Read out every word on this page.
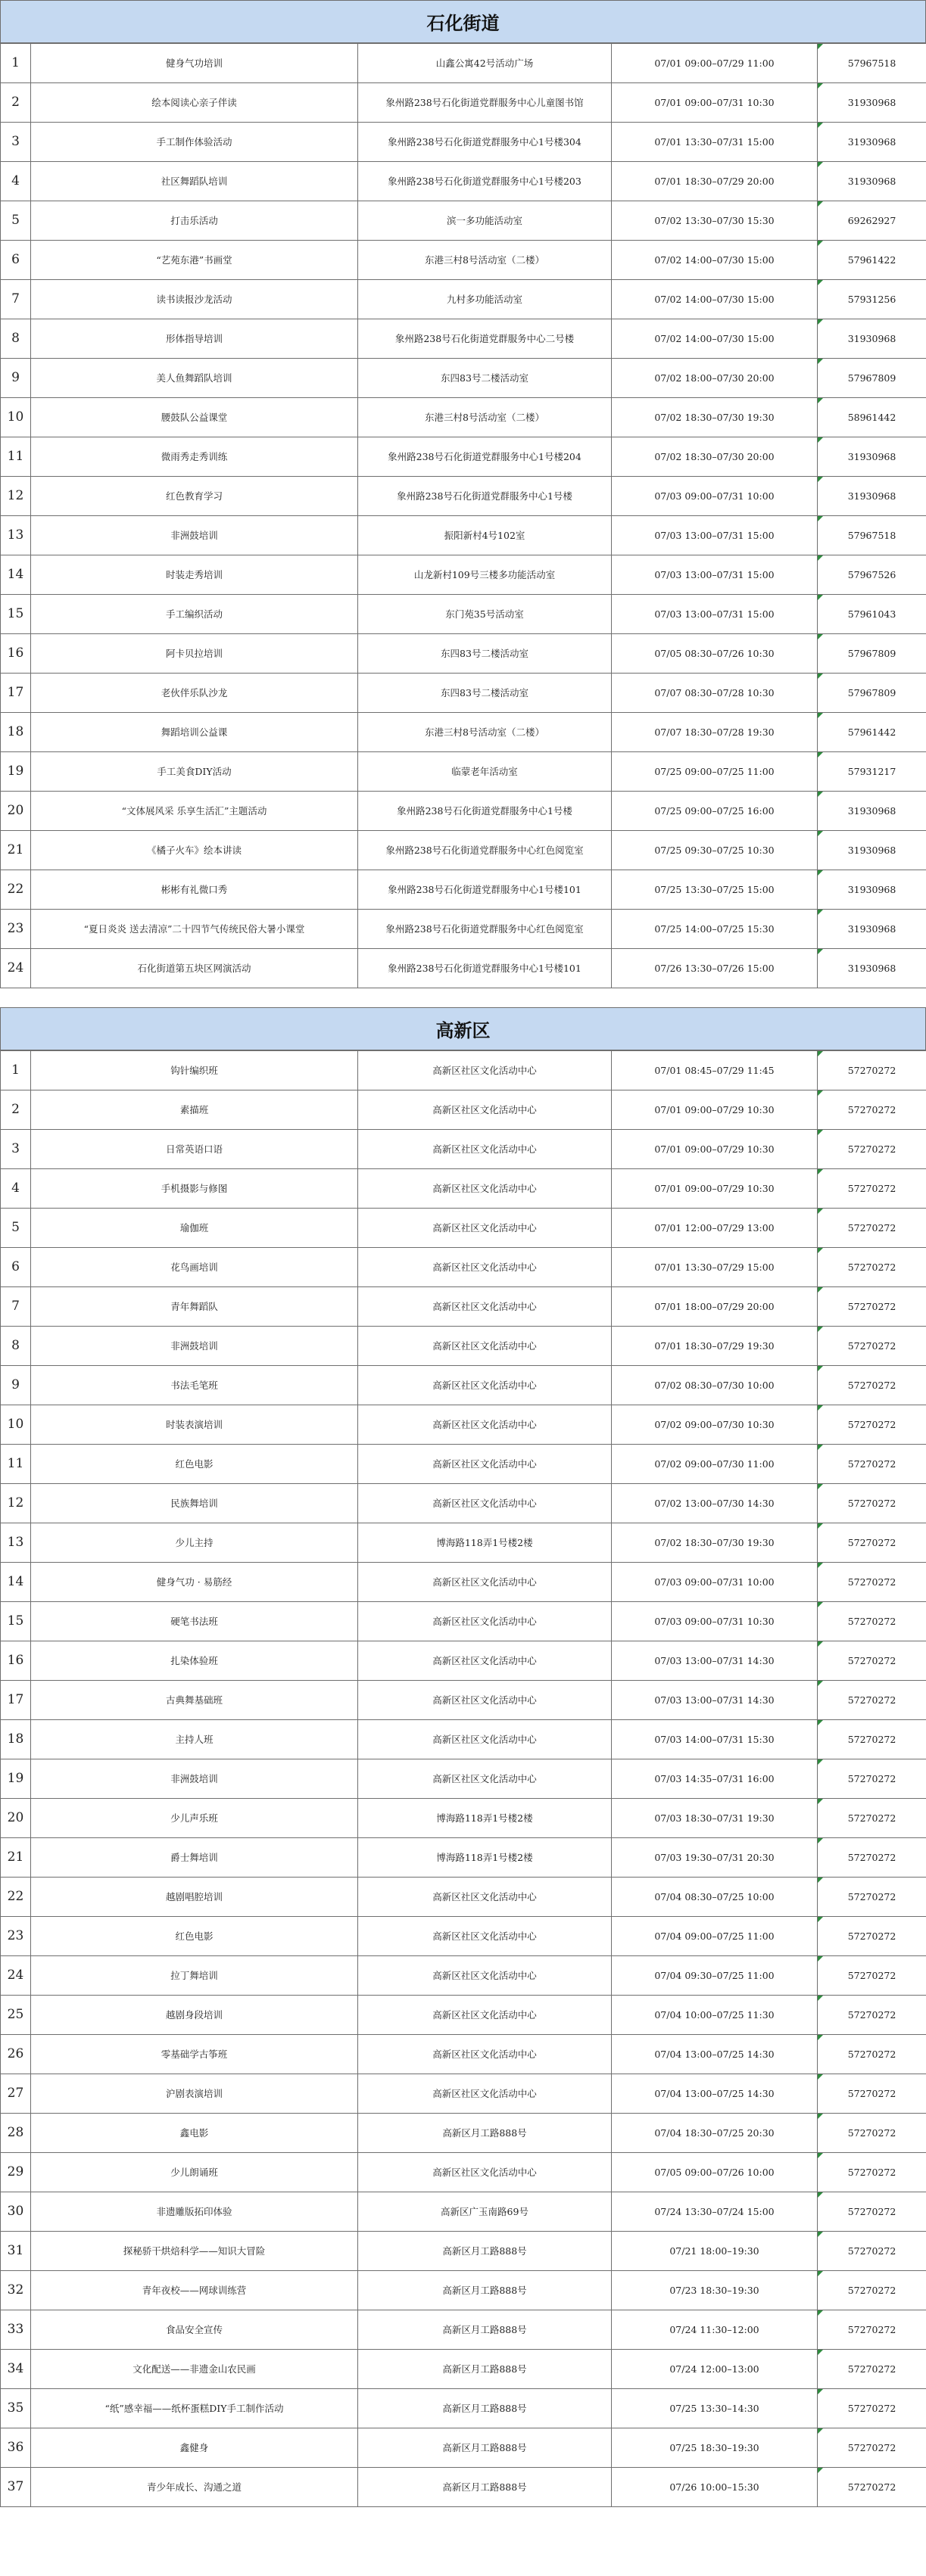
石化街道
1	健身气功培训	山鑫公寓42号活动广场	07/01 09:00–07/29 11:00	57967518
2	绘本阅读心亲子伴读	象州路238号石化街道党群服务中心儿童图书馆	07/01 09:00–07/31 10:30	31930968
3	手工制作体验活动	象州路238号石化街道党群服务中心1号楼304	07/01 13:30–07/31 15:00	31930968
4	社区舞蹈队培训	象州路238号石化街道党群服务中心1号楼203	07/01 18:30–07/29 20:00	31930968
5	打击乐活动	滨一多功能活动室	07/02 13:30–07/30 15:30	69262927
6	“艺苑东港”书画堂	东港三村8号活动室（二楼）	07/02 14:00–07/30 15:00	57961422
7	读书读报沙龙活动	九村多功能活动室	07/02 14:00–07/30 15:00	57931256
8	形体指导培训	象州路238号石化街道党群服务中心二号楼	07/02 14:00–07/30 15:00	31930968
9	美人鱼舞蹈队培训	东四83号二楼活动室	07/02 18:00–07/30 20:00	57967809
10	腰鼓队公益课堂	东港三村8号活动室（二楼）	07/02 18:30–07/30 19:30	58961442
11	微雨秀走秀训练	象州路238号石化街道党群服务中心1号楼204	07/02 18:30–07/30 20:00	31930968
12	红色教育学习	象州路238号石化街道党群服务中心1号楼	07/03 09:00–07/31 10:00	31930968
13	非洲鼓培训	振阳新村4号102室	07/03 13:00–07/31 15:00	57967518
14	时装走秀培训	山龙新村109号三楼多功能活动室	07/03 13:00–07/31 15:00	57967526
15	手工编织活动	东门苑35号活动室	07/03 13:00–07/31 15:00	57961043
16	阿卡贝拉培训	东四83号二楼活动室	07/05 08:30–07/26 10:30	57967809
17	老伙伴乐队沙龙	东四83号二楼活动室	07/07 08:30–07/28 10:30	57967809
18	舞蹈培训公益课	东港三村8号活动室（二楼）	07/07 18:30–07/28 19:30	57961442
19	手工美食DIY活动	临蒙老年活动室	07/25 09:00–07/25 11:00	57931217
20	“文体展风采 乐享生活汇”主题活动	象州路238号石化街道党群服务中心1号楼	07/25 09:00–07/25 16:00	31930968
21	《橘子火车》绘本讲读	象州路238号石化街道党群服务中心红色阅览室	07/25 09:30–07/25 10:30	31930968
22	彬彬有礼微口秀	象州路238号石化街道党群服务中心1号楼101	07/25 13:30–07/25 15:00	31930968
23	“夏日炎炎 送去清凉”二十四节气传统民俗大暑小课堂	象州路238号石化街道党群服务中心红色阅览室	07/25 14:00–07/25 15:30	31930968
24	石化街道第五块区网演活动	象州路238号石化街道党群服务中心1号楼101	07/26 13:30–07/26 15:00	31930968
高新区
1	钩针编织班	高新区社区文化活动中心	07/01 08:45–07/29 11:45	57270272
2	素描班	高新区社区文化活动中心	07/01 09:00–07/29 10:30	57270272
3	日常英语口语	高新区社区文化活动中心	07/01 09:00–07/29 10:30	57270272
4	手机摄影与修图	高新区社区文化活动中心	07/01 09:00–07/29 10:30	57270272
5	瑜伽班	高新区社区文化活动中心	07/01 12:00–07/29 13:00	57270272
6	花鸟画培训	高新区社区文化活动中心	07/01 13:30–07/29 15:00	57270272
7	青年舞蹈队	高新区社区文化活动中心	07/01 18:00–07/29 20:00	57270272
8	非洲鼓培训	高新区社区文化活动中心	07/01 18:30–07/29 19:30	57270272
9	书法毛笔班	高新区社区文化活动中心	07/02 08:30–07/30 10:00	57270272
10	时装表演培训	高新区社区文化活动中心	07/02 09:00–07/30 10:30	57270272
11	红色电影	高新区社区文化活动中心	07/02 09:00–07/30 11:00	57270272
12	民族舞培训	高新区社区文化活动中心	07/02 13:00–07/30 14:30	57270272
13	少儿主持	博海路118弄1号楼2楼	07/02 18:30–07/30 19:30	57270272
14	健身气功 · 易筋经	高新区社区文化活动中心	07/03 09:00–07/31 10:00	57270272
15	硬笔书法班	高新区社区文化活动中心	07/03 09:00–07/31 10:30	57270272
16	扎染体验班	高新区社区文化活动中心	07/03 13:00–07/31 14:30	57270272
17	古典舞基础班	高新区社区文化活动中心	07/03 13:00–07/31 14:30	57270272
18	主持人班	高新区社区文化活动中心	07/03 14:00–07/31 15:30	57270272
19	非洲鼓培训	高新区社区文化活动中心	07/03 14:35–07/31 16:00	57270272
20	少儿声乐班	博海路118弄1号楼2楼	07/03 18:30–07/31 19:30	57270272
21	爵士舞培训	博海路118弄1号楼2楼	07/03 19:30–07/31 20:30	57270272
22	越剧唱腔培训	高新区社区文化活动中心	07/04 08:30–07/25 10:00	57270272
23	红色电影	高新区社区文化活动中心	07/04 09:00–07/25 11:00	57270272
24	拉丁舞培训	高新区社区文化活动中心	07/04 09:30–07/25 11:00	57270272
25	越剧身段培训	高新区社区文化活动中心	07/04 10:00–07/25 11:30	57270272
26	零基础学古筝班	高新区社区文化活动中心	07/04 13:00–07/25 14:30	57270272
27	沪剧表演培训	高新区社区文化活动中心	07/04 13:00–07/25 14:30	57270272
28	鑫电影	高新区月工路888号	07/04 18:30–07/25 20:30	57270272
29	少儿朗诵班	高新区社区文化活动中心	07/05 09:00–07/26 10:00	57270272
30	非遗雕版拓印体验	高新区广玉南路69号	07/24 13:30–07/24 15:00	57270272
31	探秘骄干烘焙科学——知识大冒险	高新区月工路888号	07/21 18:00–19:30	57270272
32	青年夜校——网球训练营	高新区月工路888号	07/23 18:30–19:30	57270272
33	食品安全宣传	高新区月工路888号	07/24 11:30–12:00	57270272
34	文化配送——非遗金山农民画	高新区月工路888号	07/24 12:00–13:00	57270272
35	“纸”感幸福——纸杯蛋糕DIY手工制作活动	高新区月工路888号	07/25 13:30–14:30	57270272
36	鑫健身	高新区月工路888号	07/25 18:30–19:30	57270272
37	青少年成长、沟通之道	高新区月工路888号	07/26 10:00–15:30	57270272
